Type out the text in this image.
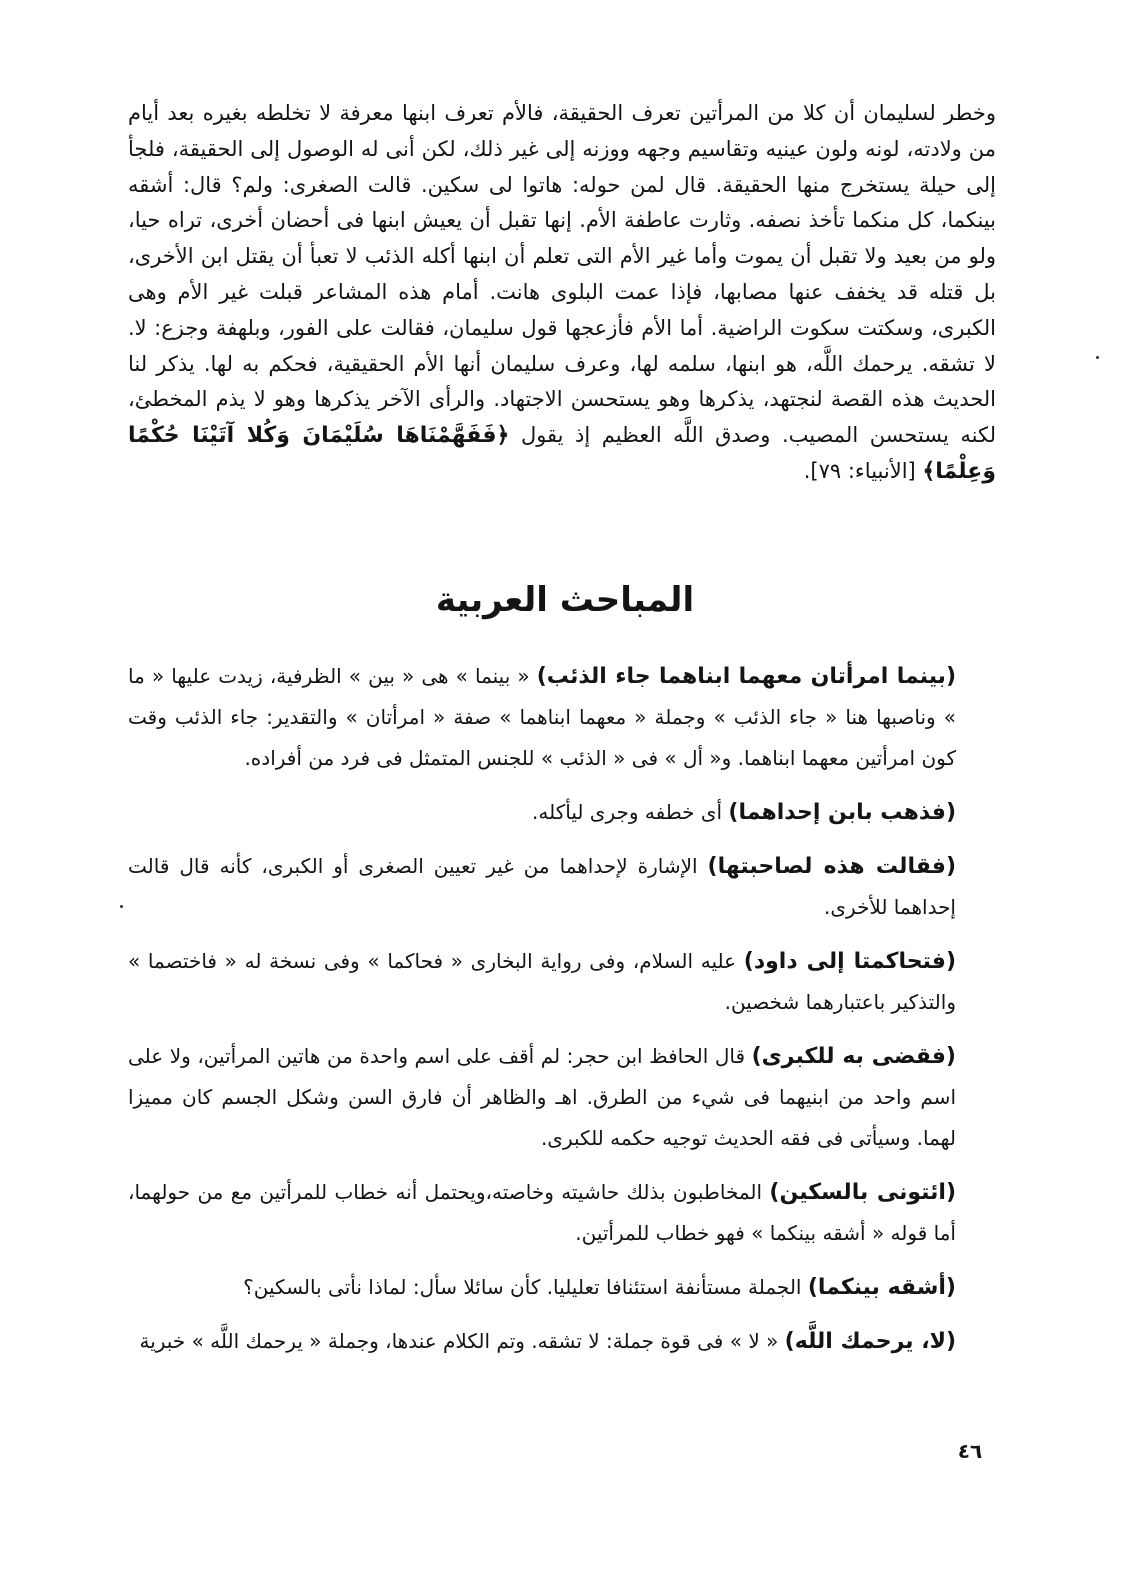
وخطر لسليمان أن كلا من المرأتين تعرف الحقيقة، فالأم تعرف ابنها معرفة لا تخلطه بغيره بعد أيام من ولادته، لونه ولون عينيه وتقاسيم وجهه ووزنه إلى غير ذلك، لكن أنى له الوصول إلى الحقيقة، فلجأ إلى حيلة يستخرج منها الحقيقة. قال لمن حوله: هاتوا لى سكين. قالت الصغرى: ولم؟ قال: أشقه بينكما، كل منكما تأخذ نصفه. وثارت عاطفة الأم. إنها تقبل أن يعيش ابنها فى أحضان أخرى، تراه حيا، ولو من بعيد ولا تقبل أن يموت وأما غير الأم التى تعلم أن ابنها أكله الذئب لا تعبأ أن يقتل ابن الأخرى، بل قتله قد يخفف عنها مصابها، فإذا عمت البلوى هانت. أمام هذه المشاعر قبلت غير الأم وهى الكبرى، وسكتت سكوت الراضية. أما الأم فأزعجها قول سليمان، فقالت على الفور، وبلهفة وجزع: لا. لا تشقه. يرحمك اللَّه، هو ابنها، سلمه لها، وعرف سليمان أنها الأم الحقيقية، فحكم به لها. يذكر لنا الحديث هذه القصة لنجتهد، يذكرها وهو يستحسن الاجتهاد. والرأى الآخر يذكرها وهو لا يذم المخطئ، لكنه يستحسن المصيب. وصدق اللَّه العظيم إذ يقول ﴿فَفَهَّمْنَاهَا سُلَيْمَانَ وَكُلا آتَيْنَا حُكْمًا وَعِلْمًا﴾ [الأنبياء: ٧٩].
المباحث العربية

(بينما امرأتان معهما ابناهما جاء الذئب) « بينما » هى « بين » الظرفية، زيدت عليها « ما » وناصبها هنا « جاء الذئب » وجملة « معهما ابناهما » صفة « امرأتان » والتقدير: جاء الذئب وقت كون امرأتين معهما ابناهما. و« أل » فى « الذئب » للجنس المتمثل فى فرد من أفراده.

(فذهب بابن إحداهما) أى خطفه وجرى ليأكله.

(فقالت هذه لصاحبتها) الإشارة لإحداهما من غير تعيين الصغرى أو الكبرى، كأنه قال قالت إحداهما للأخرى.

(فتحاكمتا إلى داود) عليه السلام، وفى رواية البخارى « فحاكما » وفى نسخة له « فاختصما » والتذكير باعتبارهما شخصين.

(فقضى به للكبرى) قال الحافظ ابن حجر: لم أقف على اسم واحدة من هاتين المرأتين، ولا على اسم واحد من ابنيهما فى شيء من الطرق. اهـ والظاهر أن فارق السن وشكل الجسم كان مميزا لهما. وسيأتى فى فقه الحديث توجيه حكمه للكبرى.

(ائتونى بالسكين) المخاطبون بذلك حاشيته وخاصته،ويحتمل أنه خطاب للمرأتين مع من حولهما، أما قوله « أشقه بينكما » فهو خطاب للمرأتين.

(أشقه بينكما) الجملة مستأنفة استئنافا تعليليا. كأن سائلا سأل: لماذا نأتى بالسكين؟

(لا، يرحمك اللَّه) « لا » فى قوة جملة: لا تشقه. وتم الكلام عندها، وجملة « يرحمك اللَّه » خبرية

٤٦
